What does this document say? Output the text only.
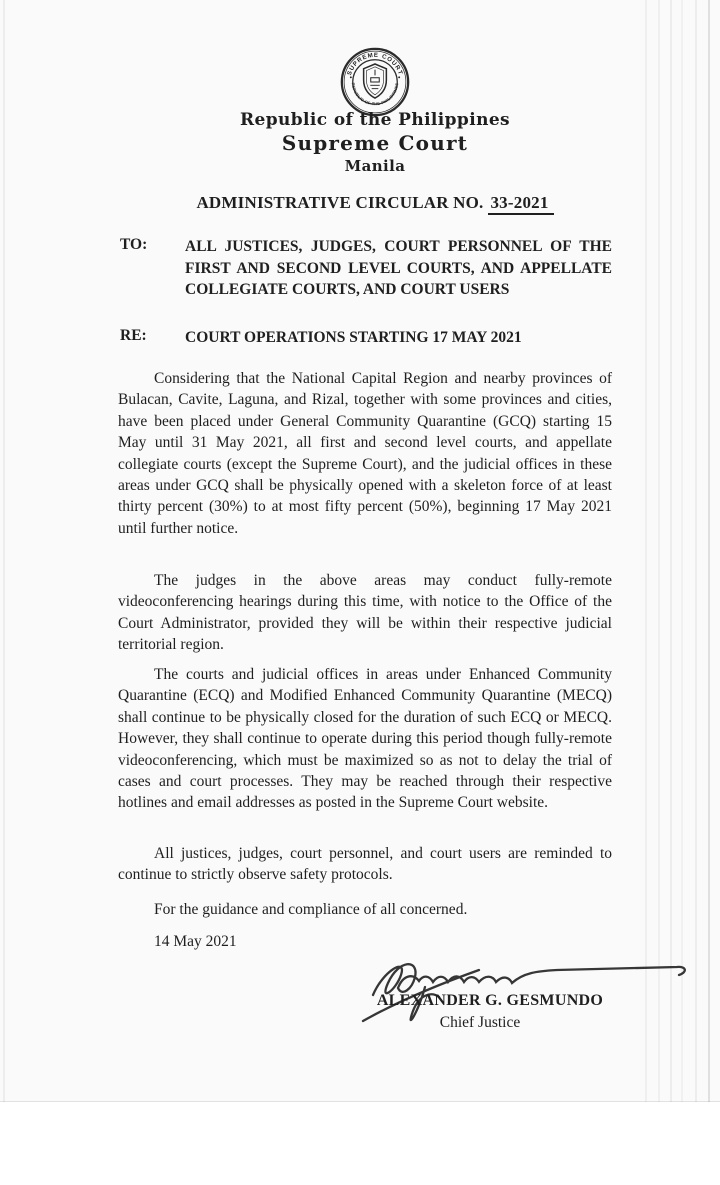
SUPREME COURT
REPUBLIC OF THE PHILIPPINES
Republic of the Philippines
Supreme Court
Manila
ADMINISTRATIVE CIRCULAR NO. 33-2021
TO: ALL JUSTICES, JUDGES, COURT PERSONNEL OF THE FIRST AND SECOND LEVEL COURTS, AND APPELLATE COLLEGIATE COURTS, AND COURT USERS
RE: COURT OPERATIONS STARTING 17 MAY 2021

Considering that the National Capital Region and nearby provinces of Bulacan, Cavite, Laguna, and Rizal, together with some provinces and cities, have been placed under General Community Quarantine (GCQ) starting 15 May until 31 May 2021, all first and second level courts, and appellate collegiate courts (except the Supreme Court), and the judicial offices in these areas under GCQ shall be physically opened with a skeleton force of at least thirty percent (30%) to at most fifty percent (50%), beginning 17 May 2021 until further notice.

The judges in the above areas may conduct fully-remote videoconferencing hearings during this time, with notice to the Office of the Court Administrator, provided they will be within their respective judicial territorial region.

The courts and judicial offices in areas under Enhanced Community Quarantine (ECQ) and Modified Enhanced Community Quarantine (MECQ) shall continue to be physically closed for the duration of such ECQ or MECQ. However, they shall continue to operate during this period though fully-remote videoconferencing, which must be maximized so as not to delay the trial of cases and court processes. They may be reached through their respective hotlines and email addresses as posted in the Supreme Court website.

All justices, judges, court personnel, and court users are reminded to continue to strictly observe safety protocols.

For the guidance and compliance of all concerned.

14 May 2021
ALEXANDER G. GESMUNDO
Chief Justice
